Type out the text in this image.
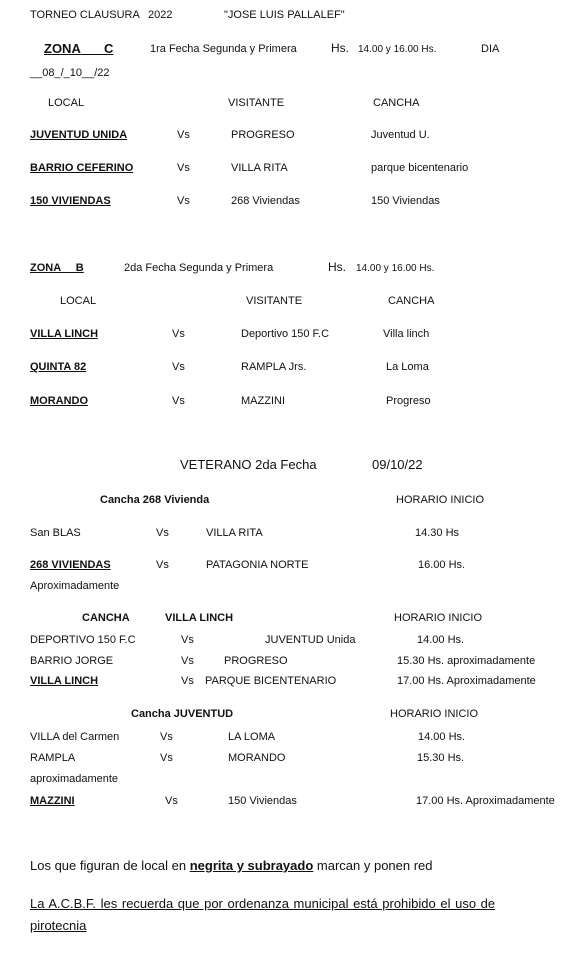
TORNEO CLAUSURA 2022	"JOSE LUIS PALLALEF"
ZONA C	1ra Fecha Segunda y Primera	Hs. 14.00 y 16.00 Hs.	DIA
__08_/_10__/22
LOCAL	VISITANTE	CANCHA
JUVENTUD UNIDA	Vs	PROGRESO	Juventud U.
BARRIO CEFERINO	Vs	VILLA RITA	parque bicentenario
150 VIVIENDAS	Vs	268 Viviendas	150 Viviendas
ZONA B	2da Fecha Segunda y Primera	Hs. 14.00 y 16.00 Hs.
LOCAL	VISITANTE	CANCHA
VILLA LINCH	Vs	Deportivo 150 F.C	Villa linch
QUINTA 82	Vs	RAMPLA Jrs.	La Loma
MORANDO	Vs	MAZZINI	Progreso
VETERANO 2da Fecha	09/10/22
Cancha 268 Vivienda	HORARIO INICIO
San BLAS	Vs	VILLA RITA	14.30 Hs
268 VIVIENDAS	Vs	PATAGONIA NORTE	16.00 Hs.
Aproximadamente
CANCHA	VILLA LINCH	HORARIO INICIO
DEPORTIVO 150 F.C	Vs	JUVENTUD Unida	14.00 Hs.
BARRIO JORGE	Vs	PROGRESO	15.30 Hs. aproximadamente
VILLA LINCH	Vs PARQUE BICENTENARIO	17.00 Hs. Aproximadamente
Cancha JUVENTUD	HORARIO INICIO
VILLA del Carmen	Vs	LA LOMA	14.00 Hs.
RAMPLA	Vs	MORANDO	15.30 Hs.
aproximadamente
MAZZINI	Vs	150 Viviendas	17.00 Hs. Aproximadamente
Los que figuran de local en negrita y subrayado marcan y ponen red
La A.C.B.F. les recuerda que por ordenanza municipal está prohibido el uso de pirotecnia
